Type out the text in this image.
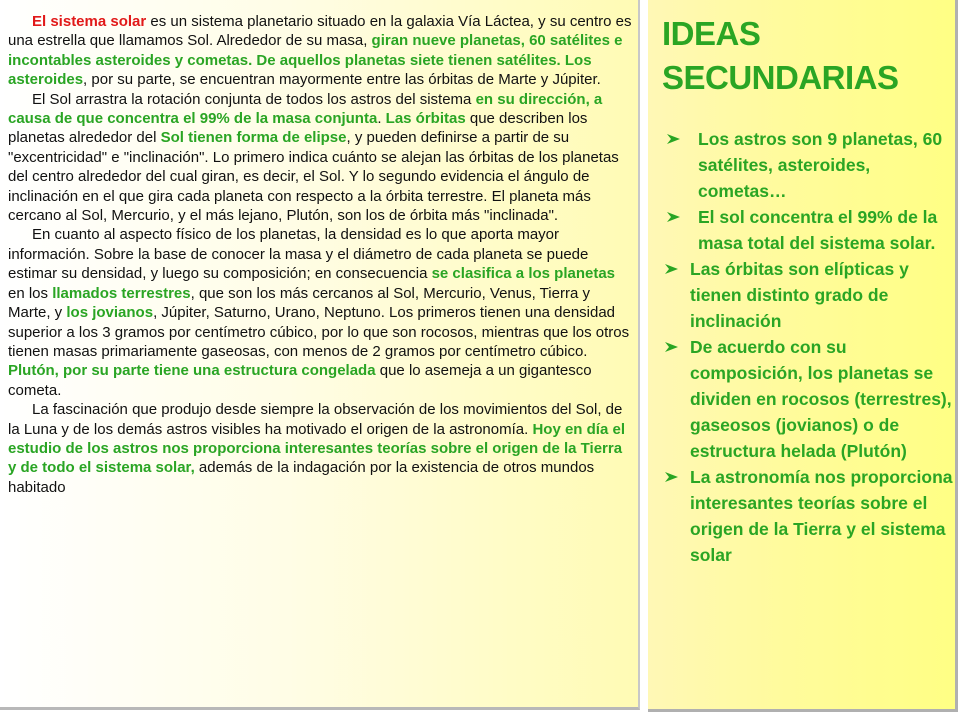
El sistema solar es un sistema planetario situado en la galaxia Vía Láctea, y su centro es una estrella que llamamos Sol. Alrededor de su masa, giran nueve planetas, 60 satélites e incontables asteroides y cometas. De aquellos planetas siete tienen satélites. Los asteroides, por su parte, se encuentran mayormente entre las órbitas de Marte y Júpiter.

El Sol arrastra la rotación conjunta de todos los astros del sistema en su dirección, a causa de que concentra el 99% de la masa conjunta. Las órbitas que describen los planetas alrededor del Sol tienen forma de elipse, y pueden definirse a partir de su "excentricidad" e "inclinación". Lo primero indica cuánto se alejan las órbitas de los planetas del centro alrededor del cual giran, es decir, el Sol. Y lo segundo evidencia el ángulo de inclinación en el que gira cada planeta con respecto a la órbita terrestre. El planeta más cercano al Sol, Mercurio, y el más lejano, Plutón, son los de órbita más "inclinada".

En cuanto al aspecto físico de los planetas, la densidad es lo que aporta mayor información. Sobre la base de conocer la masa y el diámetro de cada planeta se puede estimar su densidad, y luego su composición; en consecuencia se clasifica a los planetas en los llamados terrestres, que son los más cercanos al Sol, Mercurio, Venus, Tierra y Marte, y los jovianos, Júpiter, Saturno, Urano, Neptuno. Los primeros tienen una densidad superior a los 3 gramos por centímetro cúbico, por lo que son rocosos, mientras que los otros tienen masas primariamente gaseosas, con menos de 2 gramos por centímetro cúbico. Plutón, por su parte tiene una estructura congelada que lo asemeja a un gigantesco cometa.

La fascinación que produjo desde siempre la observación de los movimientos del Sol, de la Luna y de los demás astros visibles ha motivado el origen de la astronomía. Hoy en día el estudio de los astros nos proporciona interesantes teorías sobre el origen de la Tierra y de todo el sistema solar, además de la indagación por la existencia de otros mundos habitado

IDEAS SECUNDARIAS
Los astros son 9 planetas, 60 satélites, asteroides, cometas…
El sol concentra el 99% de la masa total del sistema solar.
Las órbitas son elípticas y tienen distinto grado de inclinación
De acuerdo con su composición, los planetas se dividen en rocosos (terrestres), gaseosos (jovianos) o de estructura helada (Plutón)
La astronomía nos proporciona interesantes teorías sobre el origen de la Tierra y el sistema solar
